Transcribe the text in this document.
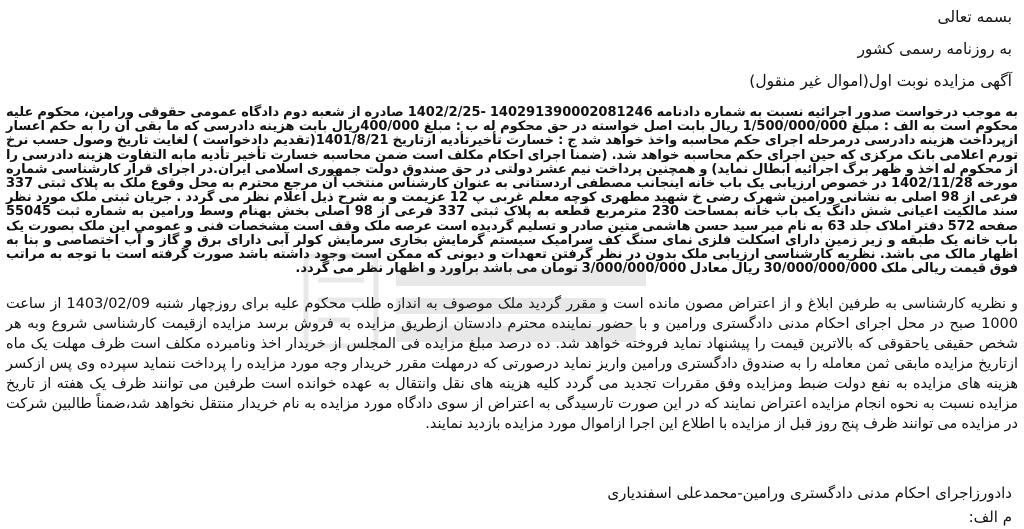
بسمه تعالی
به روزنامه رسمی کشور
آگهی مزایده نوبت اول(اموال غیر منقول)
به موجب درخواست صدور اجرائیه نسبت به شماره دادنامه 140291390002081246 -1402/2/25 صادره از شعبه دوم دادگاه عمومی حقوقی ورامین، محکوم علیه محکوم است به الف : مبلغ 1/500/000/000 ریال بابت اصل خواسته در حق محکوم له ب : مبلغ 400/000ریال بابت هزینه دادرسی که ما بقی آن را به حکم اعسار ازپرداخت هزینه دادرسی درمرحله اجرای حکم محاسبه واخذ خواهد شد ج : خسارت تأخیرتأدیه ازتاریخ 1401/8/21(تقدیم دادخواست ) لغایت تاریخ وصول حسب نرخ تورم اعلامی بانک مرکزی که حین اجرای حکم محاسبه خواهد شد. (ضمنا اجرای احکام مکلف است ضمن محاسبه خسارت تأخیر تأدیه مابه التفاوت هزینه دادرسی را از محکوم له اخذ و ظهر برگ اجرائیه ابطال نماید) و همچنین پرداخت نیم عشر دولتی در حق صندوق دولت جمهوری اسلامی ایران.در اجرای قرار کارشناسی شماره مورخه 1402/11/28 در خصوص ارزیابی یک باب خانه اینجانب مصطفی اردستانی به عنوان کارشناس منتخب آن مرجع محترم به محل وقوع ملک به پلاک ثبتی 337 فرعی از 98 اصلی به نشانی ورامین شهرک رضی خ شهید مطهری کوچه معلم غربی پ 12 عزیمت و به شرح ذیل اعلام نظر می گردد . جریان ثبتی ملک مورد نظر سند مالکیت اعیانی شش دانگ یک باب خانه بمساحت 230 مترمربع قطعه به پلاک ثبتی 337 فرعی از 98 اصلی بخش بهنام وسط ورامین به شماره ثبت 55045 صفحه 572 دفتر املاک جلد 63 به نام میر سید حسن هاشمی متین صادر و تسلیم گردیده است عرصه ملک وقف است مشخصات فنی و عمومی این ملک بصورت یک باب خانه یک طبقه و زیر زمین دارای اسکلت فلزی نمای سنگ کف سرامیک سیستم گرمایش بخاری سرمایش کولر آبی دارای برق و گاز و آب اختصاصی و بنا به اظهار مالک می باشد. نظریه کارشناسی ارزیابی ملک بدون در نظر گرفتن تعهدات و دیونی که ممکن است وجود داشته باشد صورت گرفته است با توجه به مراتب فوق قیمت ریالی ملک 30/000/000/000 ریال معادل 3/000/000/000 تومان می باشد براورد و اظهار نظر می گردد.
و نظریه کارشناسی به طرفین ابلاغ و از اعتراض مصون مانده است و مقرر گردید ملک موصوف به اندازه طلب محکوم علیه برای روزچهار شنبه 1403/02/09 از ساعت 1000 صبح در محل اجرای احکام مدنی دادگستری ورامین و با حضور نماینده محترم دادستان ازطریق مزایده به فروش برسد مزایده ازقیمت کارشناسی شروع وبه هر شخص حقیقی یاحقوقی که بالاترین قیمت را پیشنهاد نماید فروخته خواهد شد. ده درصد مبلغ مزایده فی المجلس از خریدار اخذ ونامبرده مکلف است ظرف مهلت یک ماه ازتاریخ مزایده مابقی ثمن معامله را به صندوق دادگستری ورامین واریز نماید درصورتی که درمهلت مقرر خریدار وجه مورد مزایده را پرداخت ننماید سپرده وی پس ازکسر هزینه های مزایده به نفع دولت ضبط ومزایده وفق مقررات تجدید می گردد کلیه هزینه های نقل وانتقال به عهده خوانده است طرفین می توانند ظرف یک هفته از تاریخ مزایده نسبت به نحوه انجام مزایده اعتراض نمایند که در این صورت تارسیدگی به اعتراض از سوی دادگاه مورد مزایده به نام خریدار منتقل نخواهد شد،ضمناً طالبین شرکت در مزایده می توانند ظرف پنج روز قبل از مزایده با اطلاع این اجرا ازاموال مورد مزایده بازدید نمایند.
دادورزاجرای احکام مدنی دادگستری ورامین-محمدعلی اسفندیاری
م الف:
